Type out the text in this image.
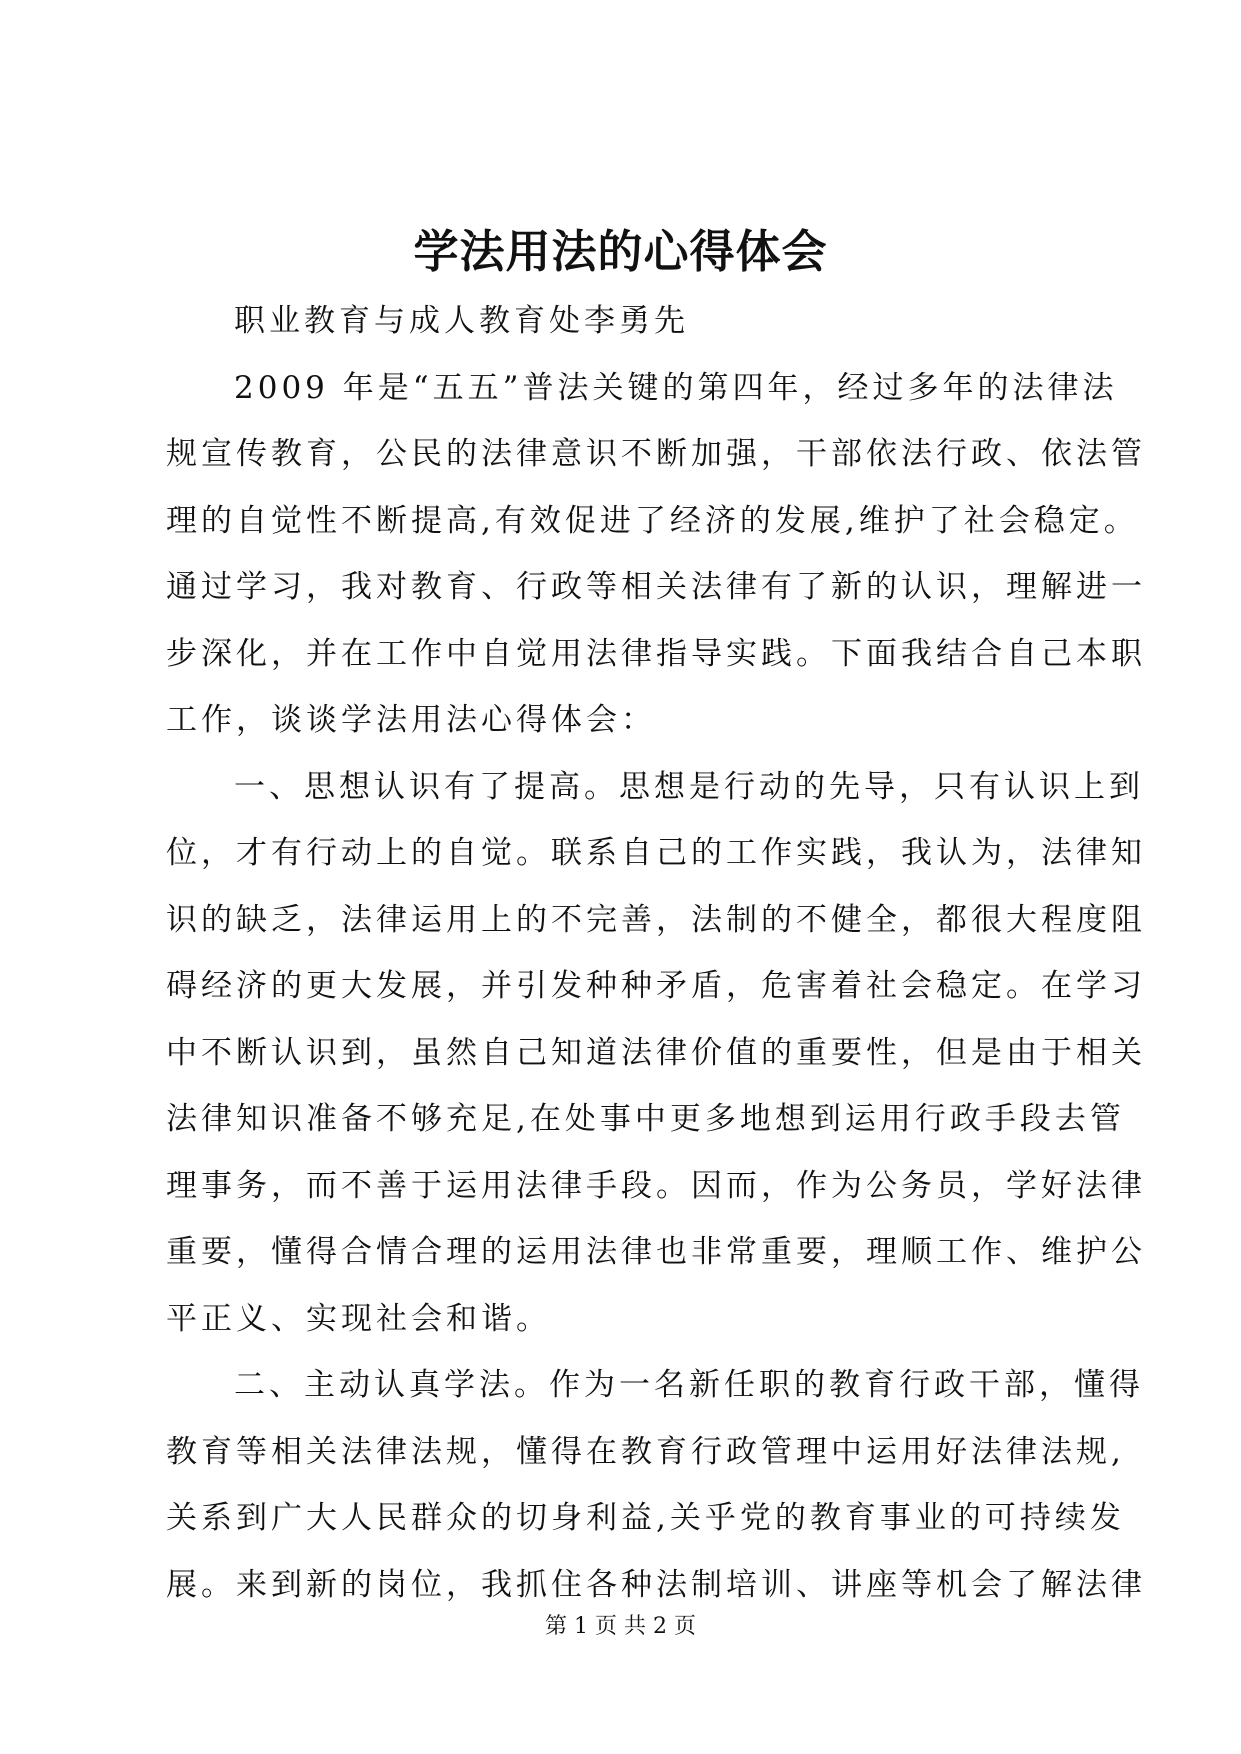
学法用法的心得体会
职业教育与成人教育处李勇先
2009 年是“五五”普法关键的第四年，经过多年的法律法
规宣传教育，公民的法律意识不断加强，干部依法行政、依法管
理的自觉性不断提高,有效促进了经济的发展,维护了社会稳定。
通过学习，我对教育、行政等相关法律有了新的认识，理解进一
步深化，并在工作中自觉用法律指导实践。下面我结合自己本职
工作，谈谈学法用法心得体会：
一、思想认识有了提高。思想是行动的先导，只有认识上到
位，才有行动上的自觉。联系自己的工作实践，我认为，法律知
识的缺乏，法律运用上的不完善，法制的不健全，都很大程度阻
碍经济的更大发展，并引发种种矛盾，危害着社会稳定。在学习
中不断认识到，虽然自己知道法律价值的重要性，但是由于相关
法律知识准备不够充足,在处事中更多地想到运用行政手段去管
理事务，而不善于运用法律手段。因而，作为公务员，学好法律
重要，懂得合情合理的运用法律也非常重要，理顺工作、维护公
平正义、实现社会和谐。
二、主动认真学法。作为一名新任职的教育行政干部，懂得
教育等相关法律法规，懂得在教育行政管理中运用好法律法规,
关系到广大人民群众的切身利益,关乎党的教育事业的可持续发
展。来到新的岗位，我抓住各种法制培训、讲座等机会了解法律
第 1 页 共 2 页
